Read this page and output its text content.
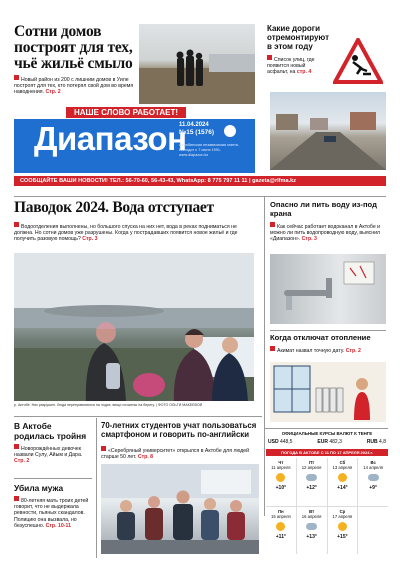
Сотни домов построят для тех, чьё жильё смыло
Новый район из 200 с лишним домов в Уиле построят для тех, кто потерял свой дом во время наводнения. Стр. 2
НАШЕ СЛОВО РАБОТАЕТ!
Диапазон
11.04.2024
№15 (1576)
Актюбинская независимая газета. Выходит с 7 июня 1991. www.diapazon.kz
СООБЩАЙТЕ ВАШИ НОВОСТИ! ТЕЛ.: 56-70-60, 56-43-43, WhatsApp: 8 775 797 11 11 | gazeta@rlfma.kz
Какие дороги отремонтируют в этом году
Список улиц, где появится новый асфальт, на стр. 4
Паводок 2024. Вода отступает
Водоотделения выполнены, но большого спуска на них нет, вода в реках подниматься не должна. Но сотни домов уже разрушены. Когда у пострадавших появится новое жильё и где получить разовую помощь? Стр. 3
р. Актобе. Ник разрушен. Люди переправляются на лодке, вещи сложены на берегу. | ФОТО ОЛЬГИ МАКЕЕВОЙ
Опасно ли пить воду из-под крана
Как сейчас работает водоканал в Актобе и можно ли пить водопроводную воду, выяснил «Диапазон». Стр. 3
Когда отключат отопление
Акимат назвал точную дату. Стр. 2
В Актобе родилась тройня
Новорождённых девочек назвали Сулу, Айым и Дара. Стр. 2
Убила мужа
80-летняя мать троих детей говорит, что не выдержала ревности, пьяных скандалов. Полицию она вызвала, но безуспешно. Стр. 10-11
70-летних студентов учат пользоваться смартфоном и говорить по-английски
«Серебряный университет» открылся в Актобе для людей старше 50 лет. Стр. 8
ОФИЦИАЛЬНЫЕ КУРСЫ ВАЛЮТ К ТЕНГЕ
USD 448,5	EUR 482,3	RUB 4,8
ПОГОДА В АКТОБЕ С 11 ПО 17 АПРЕЛЯ 2024 г.
Чт
11 апреля
+10°
Пт
12 апреля
+12°
Сб
13 апреля
+14°
Вс
14 апреля
+9°
Пн
15 апреля
+11°
Вт
16 апреля
+13°
Ср
17 апреля
+15°
